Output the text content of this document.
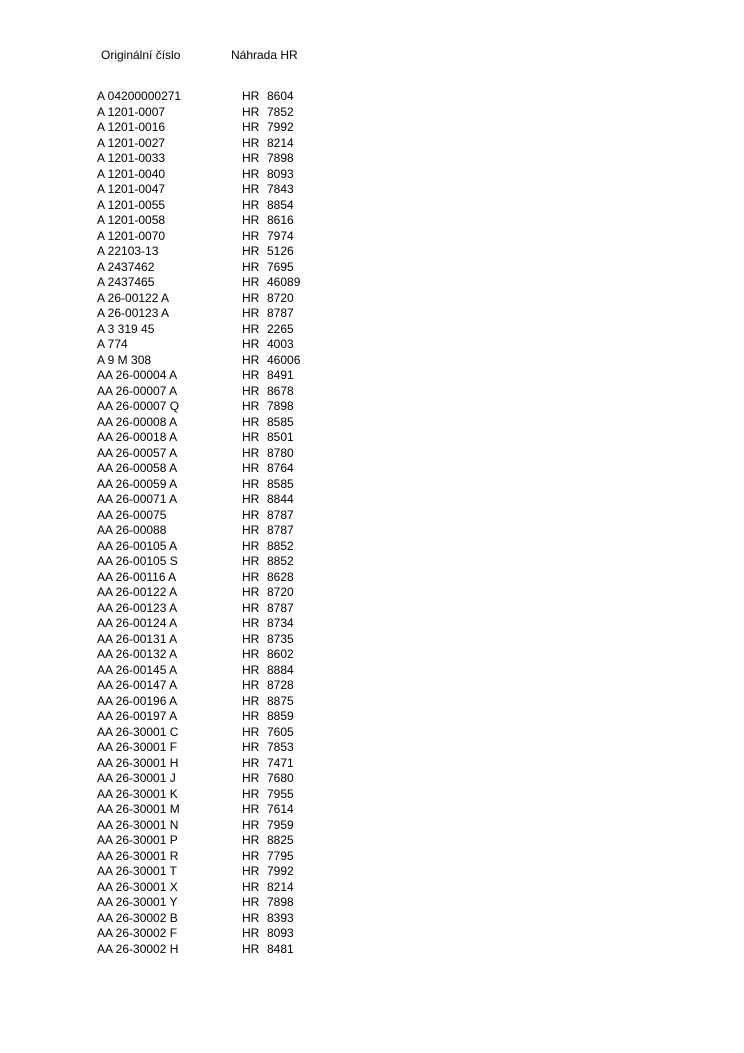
Originální číslo	Náhrada HR
A 04200000271	HR 8604
A 1201-0007	HR 7852
A 1201-0016	HR 7992
A 1201-0027	HR 8214
A 1201-0033	HR 7898
A 1201-0040	HR 8093
A 1201-0047	HR 7843
A 1201-0055	HR 8854
A 1201-0058	HR 8616
A 1201-0070	HR 7974
A 22103-13	HR 5126
A 2437462	HR 7695
A 2437465	HR 46089
A 26-00122 A	HR 8720
A 26-00123 A	HR 8787
A 3 319 45	HR 2265
A 774	HR 4003
A 9 M 308	HR 46006
AA 26-00004 A	HR 8491
AA 26-00007 A	HR 8678
AA 26-00007 Q	HR 7898
AA 26-00008 A	HR 8585
AA 26-00018 A	HR 8501
AA 26-00057 A	HR 8780
AA 26-00058 A	HR 8764
AA 26-00059 A	HR 8585
AA 26-00071 A	HR 8844
AA 26-00075	HR 8787
AA 26-00088	HR 8787
AA 26-00105 A	HR 8852
AA 26-00105 S	HR 8852
AA 26-00116 A	HR 8628
AA 26-00122 A	HR 8720
AA 26-00123 A	HR 8787
AA 26-00124 A	HR 8734
AA 26-00131 A	HR 8735
AA 26-00132 A	HR 8602
AA 26-00145 A	HR 8884
AA 26-00147 A	HR 8728
AA 26-00196 A	HR 8875
AA 26-00197 A	HR 8859
AA 26-30001 C	HR 7605
AA 26-30001 F	HR 7853
AA 26-30001 H	HR 7471
AA 26-30001 J	HR 7680
AA 26-30001 K	HR 7955
AA 26-30001 M	HR 7614
AA 26-30001 N	HR 7959
AA 26-30001 P	HR 8825
AA 26-30001 R	HR 7795
AA 26-30001 T	HR 7992
AA 26-30001 X	HR 8214
AA 26-30001 Y	HR 7898
AA 26-30002 B	HR 8393
AA 26-30002 F	HR 8093
AA 26-30002 H	HR 8481
